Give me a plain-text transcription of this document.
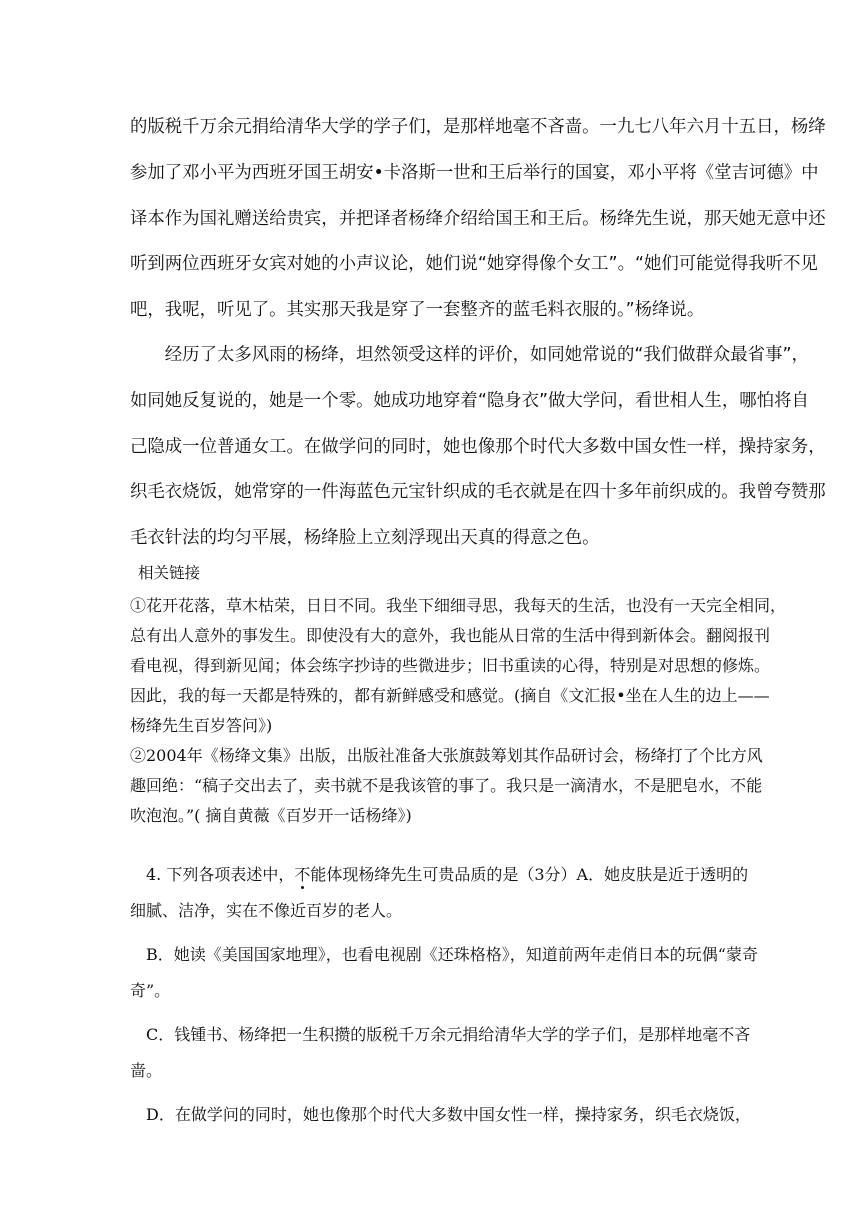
的版税千万余元捐给清华大学的学子们，是那样地毫不吝啬。一九七八年六月十五日，杨绛
参加了邓小平为西班牙国王胡安•卡洛斯一世和王后举行的国宴，邓小平将《堂吉诃德》中
译本作为国礼赠送给贵宾，并把译者杨绛介绍给国王和王后。杨绛先生说，那天她无意中还
听到两位西班牙女宾对她的小声议论，她们说“她穿得像个女工”。“她们可能觉得我听不见
吧，我呢，听见了。其实那天我是穿了一套整齐的蓝毛料衣服的。”杨绛说。
　　经历了太多风雨的杨绛，坦然领受这样的评价，如同她常说的“我们做群众最省事”，
如同她反复说的，她是一个零。她成功地穿着“隐身衣”做大学问，看世相人生，哪怕将自
己隐成一位普通女工。在做学问的同时，她也像那个时代大多数中国女性一样，操持家务，
织毛衣烧饭，她常穿的一件海蓝色元宝针织成的毛衣就是在四十多年前织成的。我曾夸赞那
毛衣针法的均匀平展，杨绛脸上立刻浮现出天真的得意之色。
相关链接
①花开花落，草木枯荣，日日不同。我坐下细细寻思，我每天的生活，也没有一天完全相同，
总有出人意外的事发生。即使没有大的意外，我也能从日常的生活中得到新体会。翻阅报刊
看电视，得到新见闻；体会练字抄诗的些微进步；旧书重读的心得，特别是对思想的修炼。
因此，我的每一天都是特殊的，都有新鲜感受和感觉。(摘自《文汇报•坐在人生的边上——
杨绛先生百岁答问》)
②2004年《杨绛文集》出版，出版社准备大张旗鼓筹划其作品研讨会，杨绛打了个比方风
趣回绝：“稿子交出去了，卖书就不是我该管的事了。我只是一滴清水，不是肥皂水，不能
吹泡泡。”( 摘自黄薇《百岁开一话杨绛》)
　4. 下列各项表述中，不能体现杨绛先生可贵品质的是（3分）A．她皮肤是近于透明的
细腻、洁净，实在不像近百岁的老人。
　B．她读《美国国家地理》，也看电视剧《还珠格格》，知道前两年走俏日本的玩偶“蒙奇
奇”。
　C．钱锺书、杨绛把一生积攒的版税千万余元捐给清华大学的学子们，是那样地毫不吝
啬。
　D．在做学问的同时，她也像那个时代大多数中国女性一样，操持家务，织毛衣烧饭，
